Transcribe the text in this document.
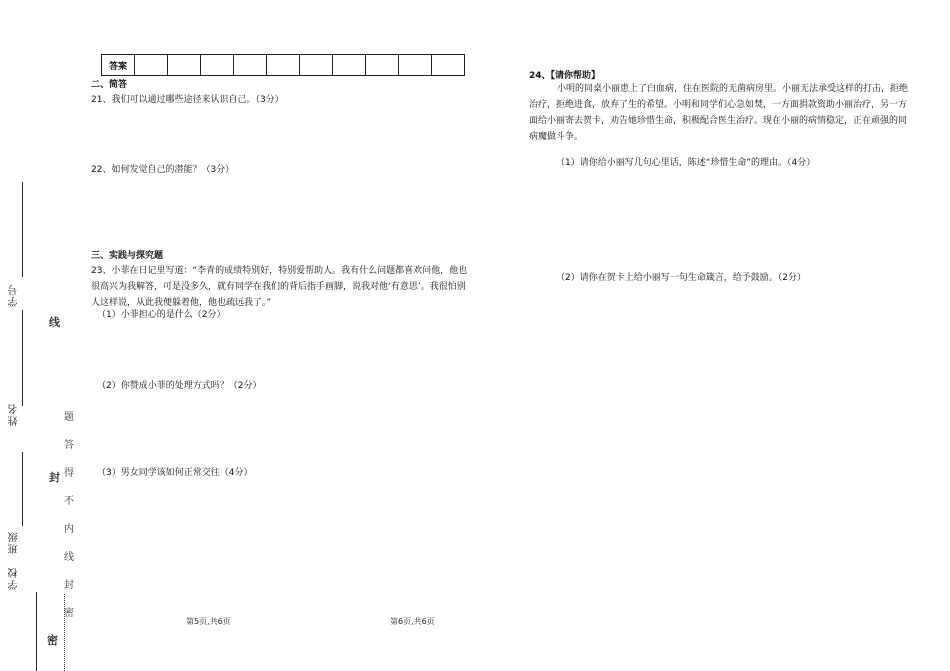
答案										
二、简答
21、我们可以通过哪些途径来认识自己。（3分）
22、如何发觉自己的潜能？（3分）
三、实践与探究题
23、小菲在日记里写道：“李青的成绩特别好，特别爱帮助人。我有什么问题都喜欢问他，他也很高兴为我解答，可是没多久，就有同学在我们的背后指手画脚，说我对他‘有意思’。我很怕别人这样说，从此我便躲着他，他也疏远我了。”
（1）小菲担心的是什么（2分）
（2）你赞成小菲的处理方式吗？（2分）
（3）男女同学该如何正常交往（4分）
24、【请你帮助】
小明的同桌小丽患上了白血病，住在医院的无菌病房里。小丽无法承受这样的打击，拒绝治疗，拒绝进食，放弃了生的希望。小明和同学们心急如焚，一方面捐款资助小丽治疗，另一方面给小丽寄去贺卡，劝告她珍惜生命，积极配合医生治疗。现在小丽的病情稳定，正在顽强的同病魔做斗争。
（1）请你给小丽写几句心里话，陈述“珍惜生命”的理由。（4分）
（2）请你在贺卡上给小丽写一句生命箴言，给予鼓励。（2分）
学号
姓名
班级
学校
线
封
密
题
答
得
不
内
线
封
密
第5页,共6页	第6页,共6页
